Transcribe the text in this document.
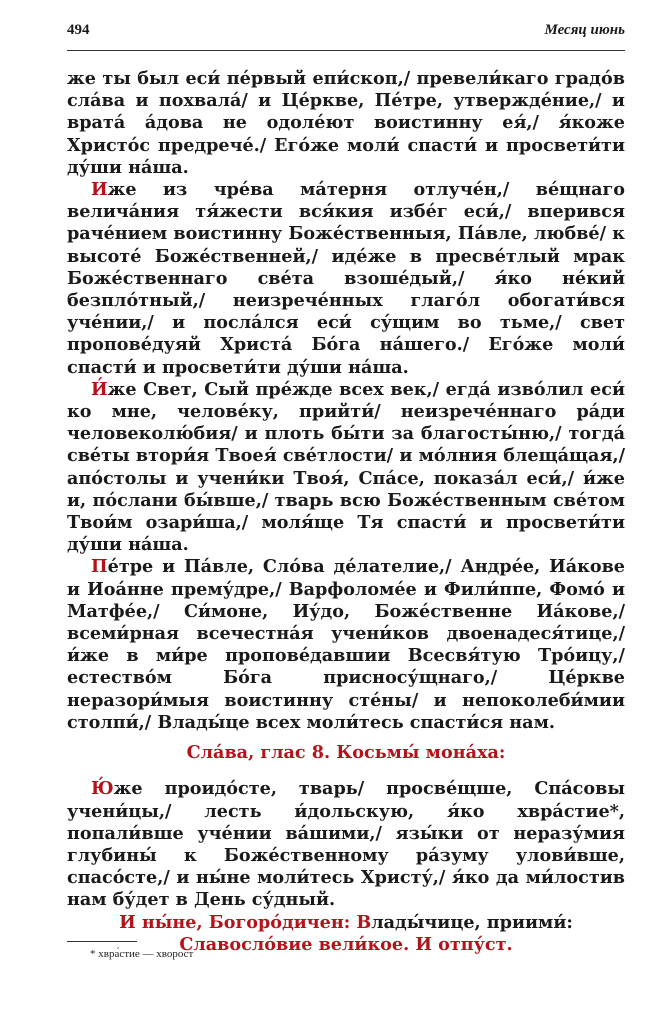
494	Месяц июнь

же ты был еси́ пе́рвый епи́скоп,/ превели́кагo градо́в сла́ва и похвала́/ и Це́ркве, Пе́тре, утвержде́ние,/ и врата́ а́дова не одоле́ют воистинну ея́,/ я́коже Христо́с предрече́./ Его́же моли́ спасти́ и просвети́ти ду́ши на́ша.

Иже из чре́ва ма́терня отлуче́н,/ ве́щнаго велича́ния тя́жести вся́кия избе́г еси́,/ вперився рачéнием воистинну Божéственныя, Па́вле, любве́/ к высоте́ Божéственней,/ иде́же в пресве́тлый мрак Божéственнаго све́та взошéдый,/ я́ко нéкий безпло́тный,/ неизречéнных глагóл обогати́вся учéнии,/ и посла́лся еси́ су́щим во тьме,/ свет проповéдуяй Христа́ Бо́га на́шего./ Его́же моли́ спасти́ и просвети́ти ду́ши на́ша.

И́же Свет, Сый пре́жде всех век,/ егда́ изво́лил еси́ ко мне, человéку, прийти́/ неизречéннаго ра́ди человеколю́бия/ и плоть бы́ти за благосты́ню,/ тогда́ свéты втори́я Твоея́ свéтлости/ и мо́лния блещáщая,/ апо́столы и учени́ки Твоя́, Спа́се, показа́л еси́,/ и́же и, по́слани бы́вше,/ тварь всю Божéственным свéтом Твои́м озари́ша,/ моля́ще Тя спасти́ и просвети́ти ду́ши на́ша.

Пе́тре и Па́вле, Сло́ва дéлателие,/ Андрéе, Иа́кове и Иоа́нне прему́дре,/ Варфоломéе и Фили́ппе, Фомо́ и Матфéе,/ Си́моне, Иу́до, Божéственне Иа́кове,/ всеми́рная всечестна́я учени́ков двоенадеся́тице,/ и́же в ми́ре проповéдавшии Всесвя́тую Тро́ицу,/ естество́м Бо́га присносу́щнаго,/ Це́ркве неразори́мыя воистинну стéны/ и непоколеби́мии столпи́,/ Влады́це всех моли́тесь спасти́ся нам.

Сла́ва, глас 8. Косьмы́ мона́ха:

Ю́же проидо́сте, тварь/ просвéщше, Спа́совы учени́цы,/ лесть и́дольскую, я́ко хвра́стие*, попали́вше учéнии ва́шими,/ язы́ки от неразу́мия глубины́ к Божéственному ра́зуму улови́вше, спасо́сте,/ и ны́не моли́тесь Христу́,/ я́ко да ми́лостив нам бу́дет в День су́дный.

И ны́не, Богоро́дичен: Влады́чице, приими́:

Славосло́вие вели́кое. И отпу́ст.

* хвра́стие — хворост
